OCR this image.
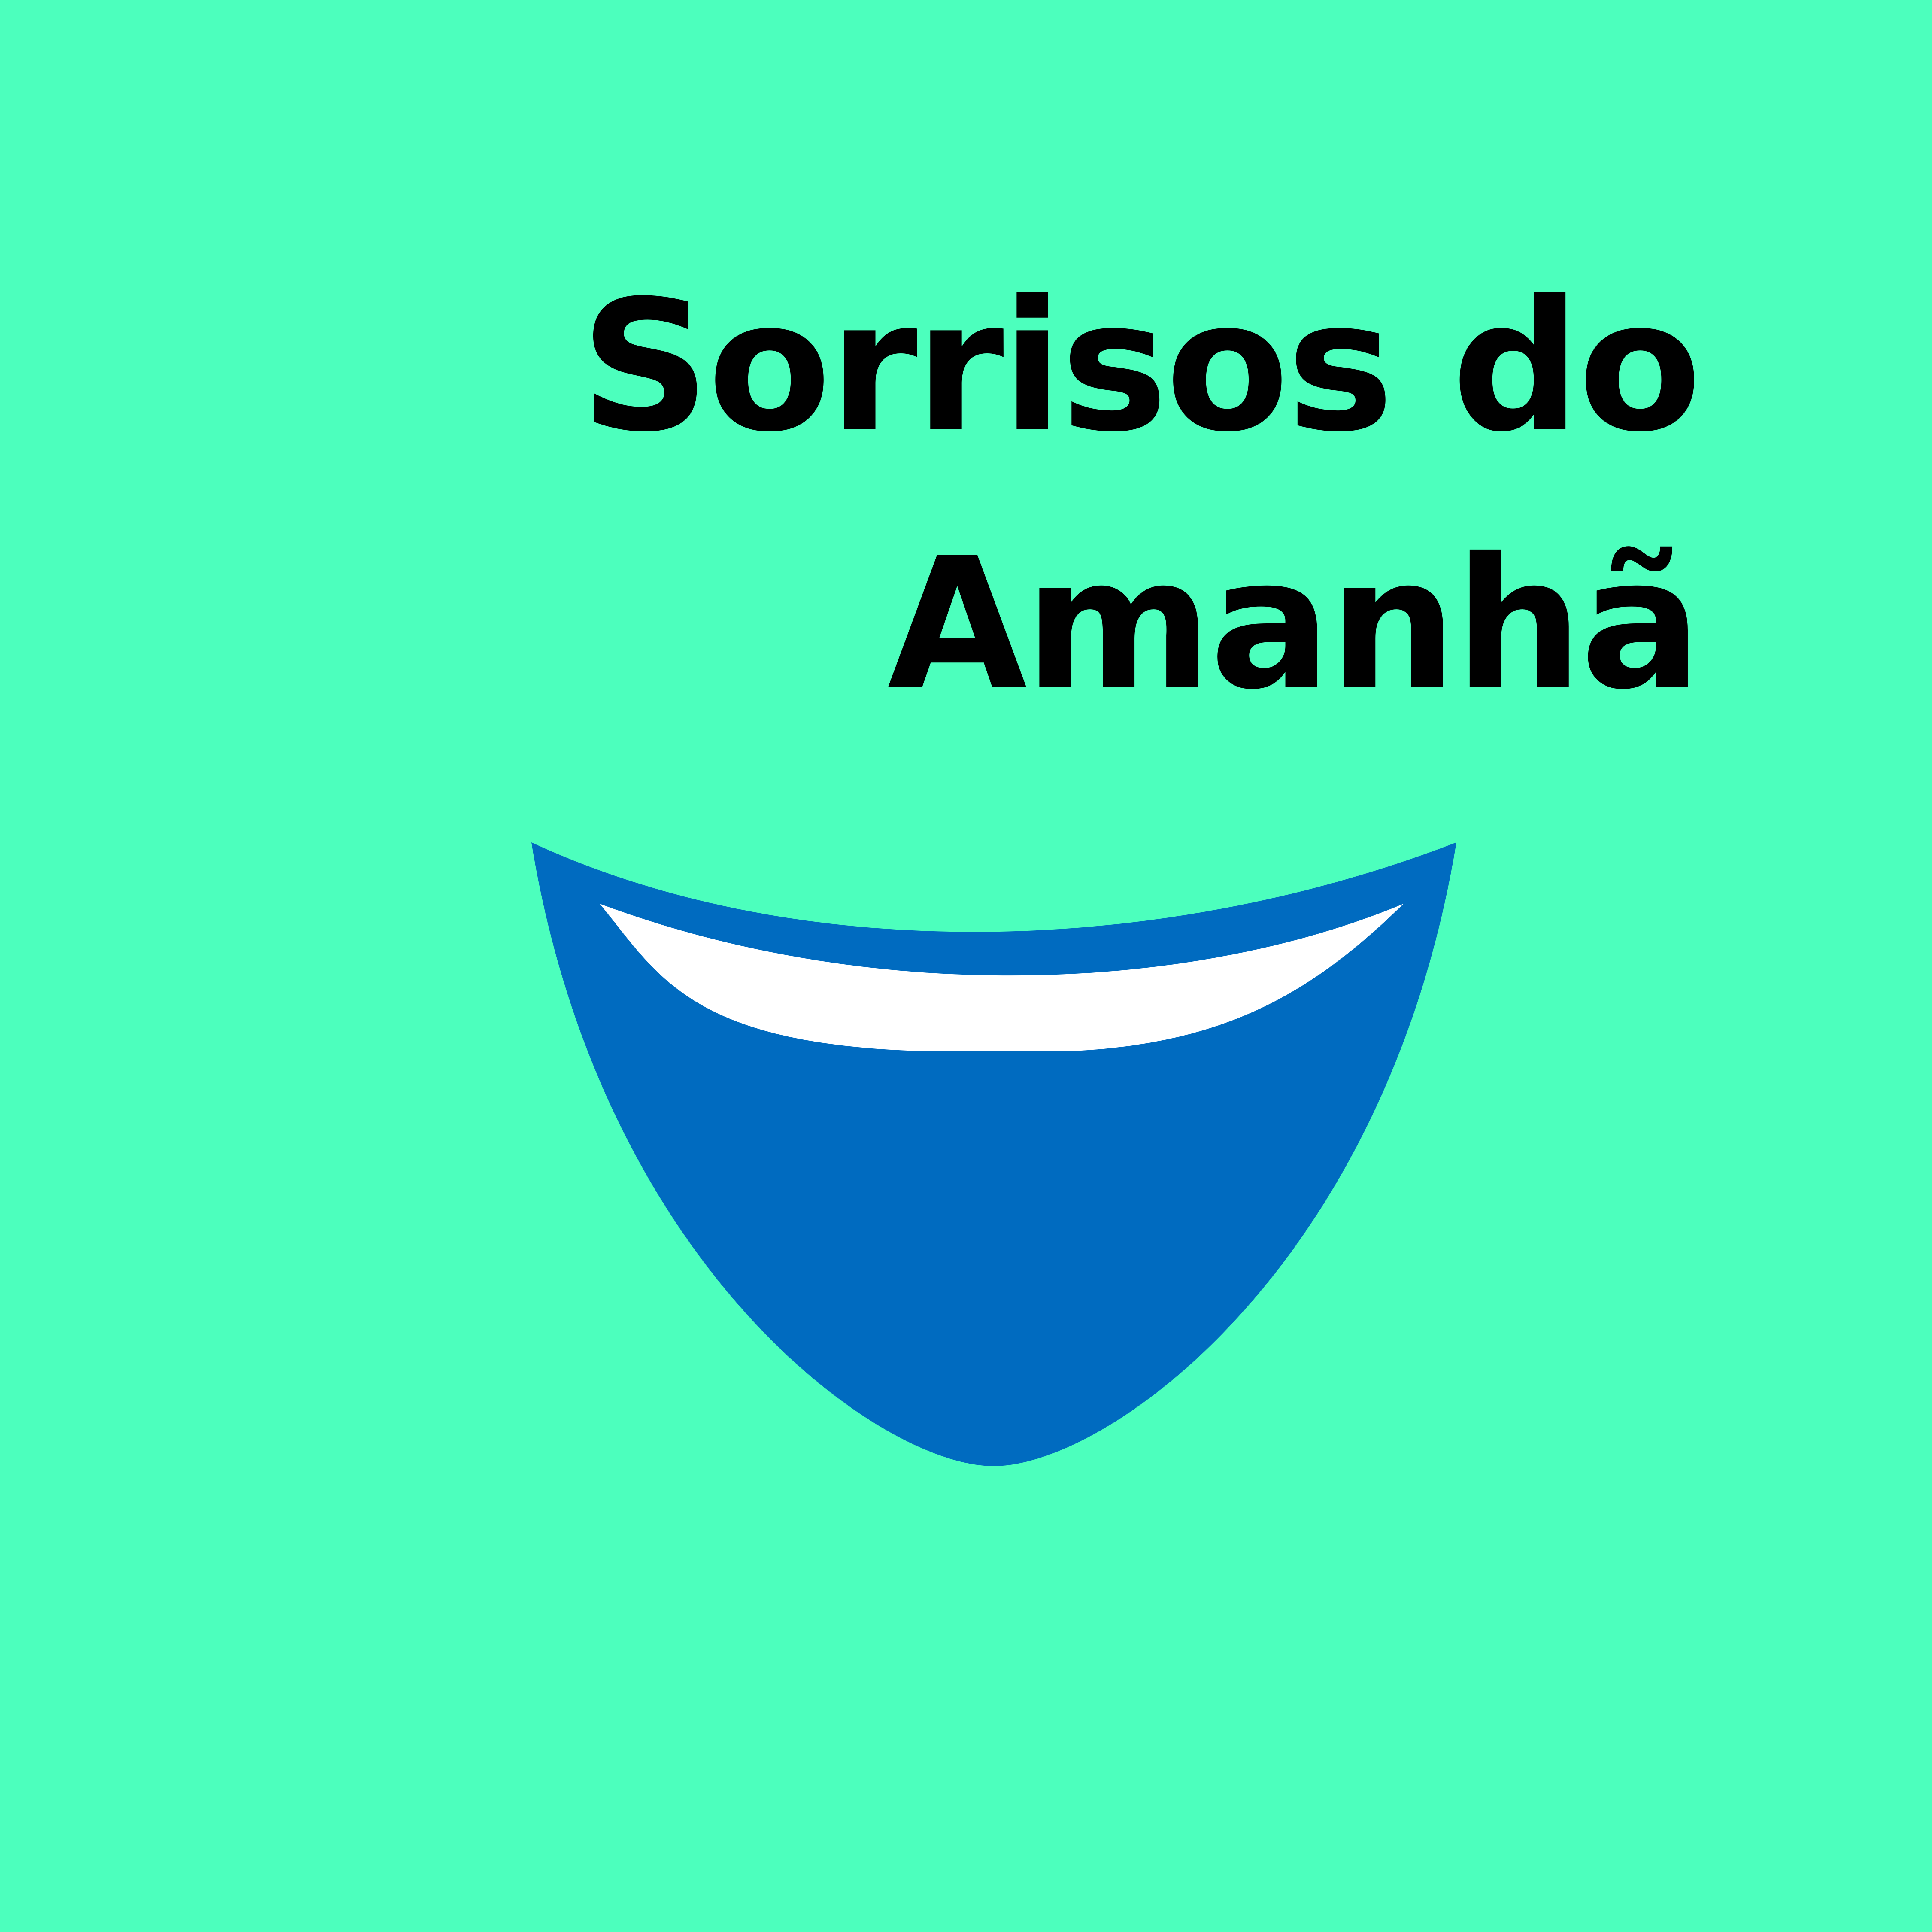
Sorrisos do
Amanhã
